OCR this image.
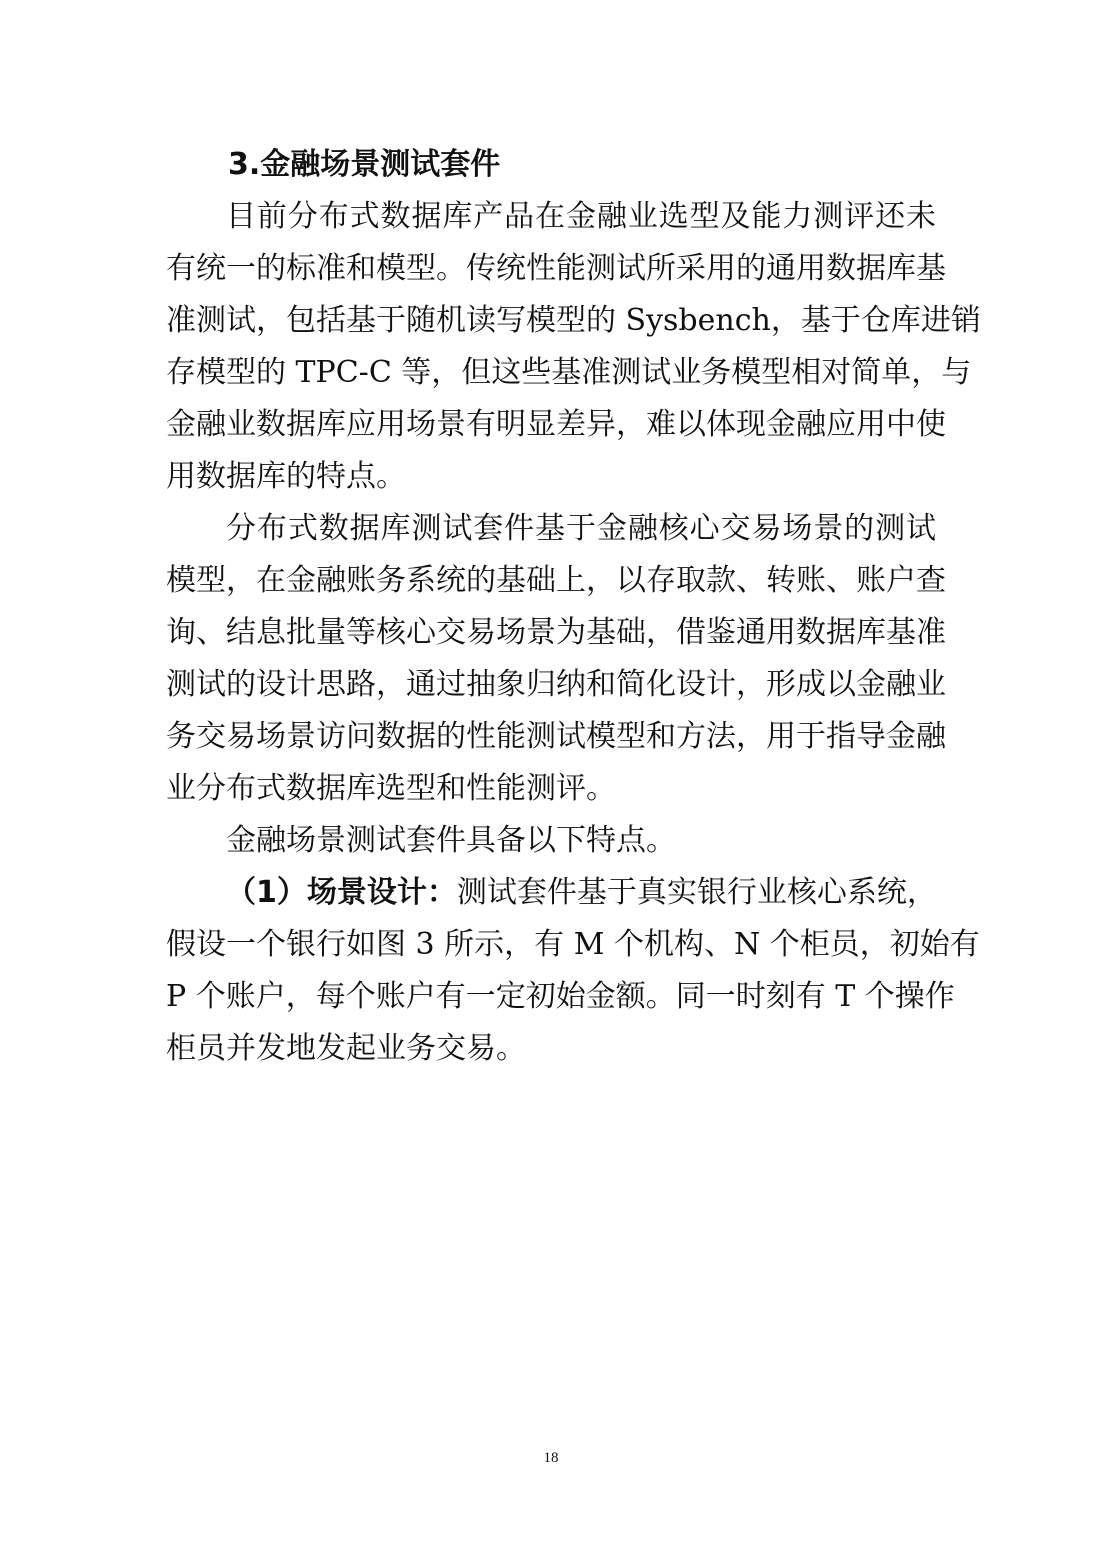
3.金融场景测试套件
目前分布式数据库产品在金融业选型及能力测评还未
有统一的标准和模型。传统性能测试所采用的通用数据库基
准测试，包括基于随机读写模型的 Sysbench，基于仓库进销
存模型的 TPC-C 等，但这些基准测试业务模型相对简单，与
金融业数据库应用场景有明显差异，难以体现金融应用中使
用数据库的特点。
分布式数据库测试套件基于金融核心交易场景的测试
模型，在金融账务系统的基础上，以存取款、转账、账户查
询、结息批量等核心交易场景为基础，借鉴通用数据库基准
测试的设计思路，通过抽象归纳和简化设计，形成以金融业
务交易场景访问数据的性能测试模型和方法，用于指导金融
业分布式数据库选型和性能测评。
金融场景测试套件具备以下特点。
（1）场景设计：测试套件基于真实银行业核心系统，
假设一个银行如图 3 所示，有 M 个机构、N 个柜员，初始有
P 个账户，每个账户有一定初始金额。同一时刻有 T 个操作
柜员并发地发起业务交易。
18
